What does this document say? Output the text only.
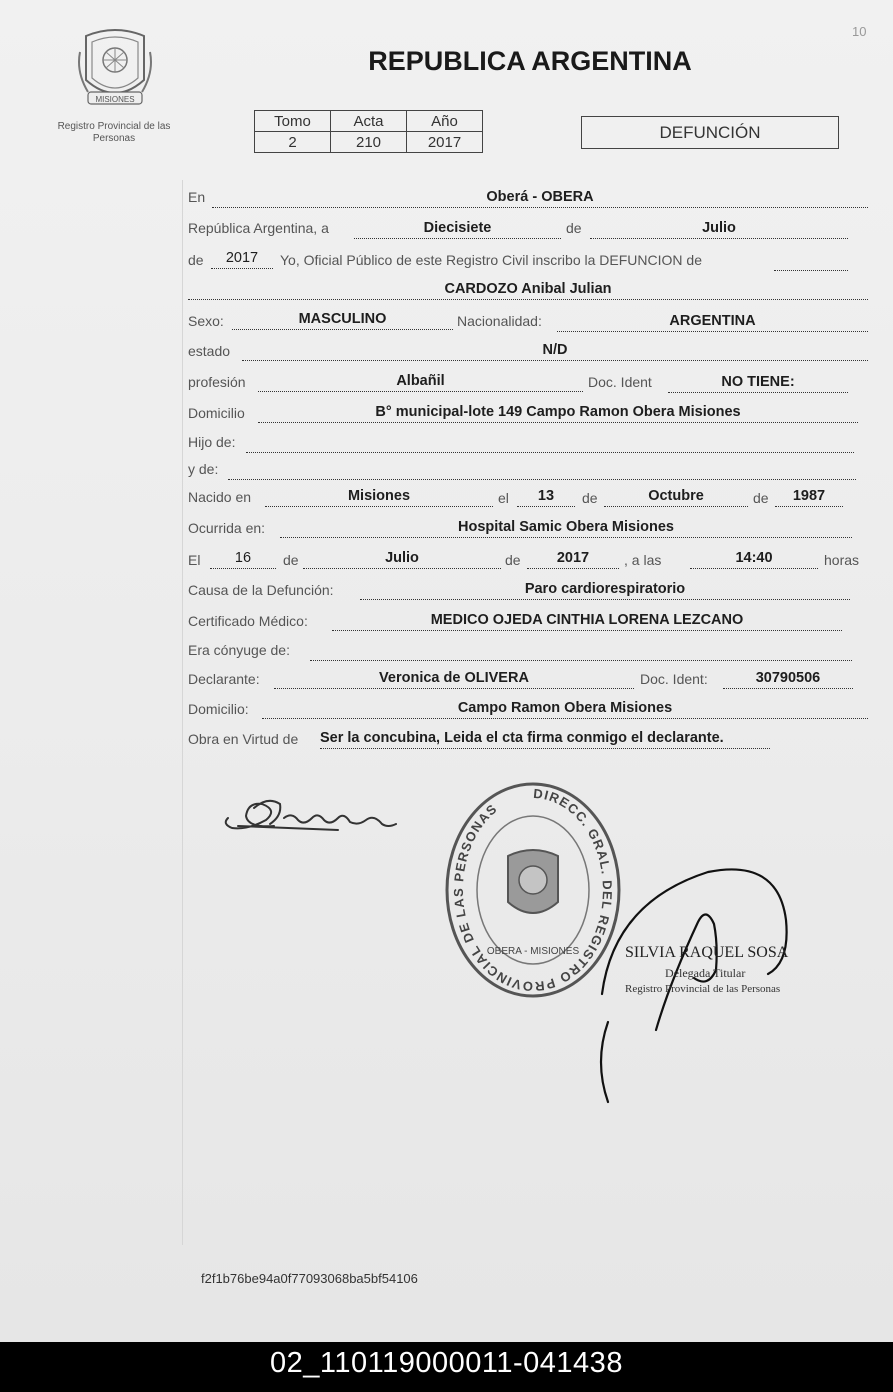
10
MISIONES
Registro Provincial de las Personas
REPUBLICA ARGENTINA
Tomo	Acta	Año
2	210	2017	DEFUNCIÓN
En	Oberá - OBERA
República Argentina, a	Diecisiete	de	Julio
de	2017	Yo, Oficial Público de este Registro Civil inscribo la DEFUNCION de
CARDOZO Anibal Julian
Sexo:	MASCULINO	Nacionalidad:	ARGENTINA
estado	N/D
profesión	Albañil	Doc. Ident	NO TIENE:
Domicilio	B° municipal-lote 149 Campo Ramon Obera Misiones
Hijo de:
y de:
Nacido en	Misiones	el	13	de	Octubre	de	1987
Ocurrida en:	Hospital Samic Obera Misiones
El	16	de	Julio	de	2017	, a las	14:40	horas
Causa de la Defunción:	Paro cardiorespiratorio
Certificado Médico:	MEDICO OJEDA CINTHIA LORENA LEZCANO
Era cónyuge de:
Declarante:	Veronica de OLIVERA	Doc. Ident:	30790506
Domicilio:	Campo Ramon Obera Misiones
Obra en Virtud de Ser la concubina, Leida el cta firma conmigo el declarante.
Veronica	DIRECC. GRAL. DEL REGISTRO PROVINCIAL DE LAS PERSONAS
OBERA - MISIONES	SILVIA RAQUEL SOSA
Delegada Titular
Registro Provincial de las Personas
f2f1b76be94a0f77093068ba5bf54106
02_110119000011-041438
